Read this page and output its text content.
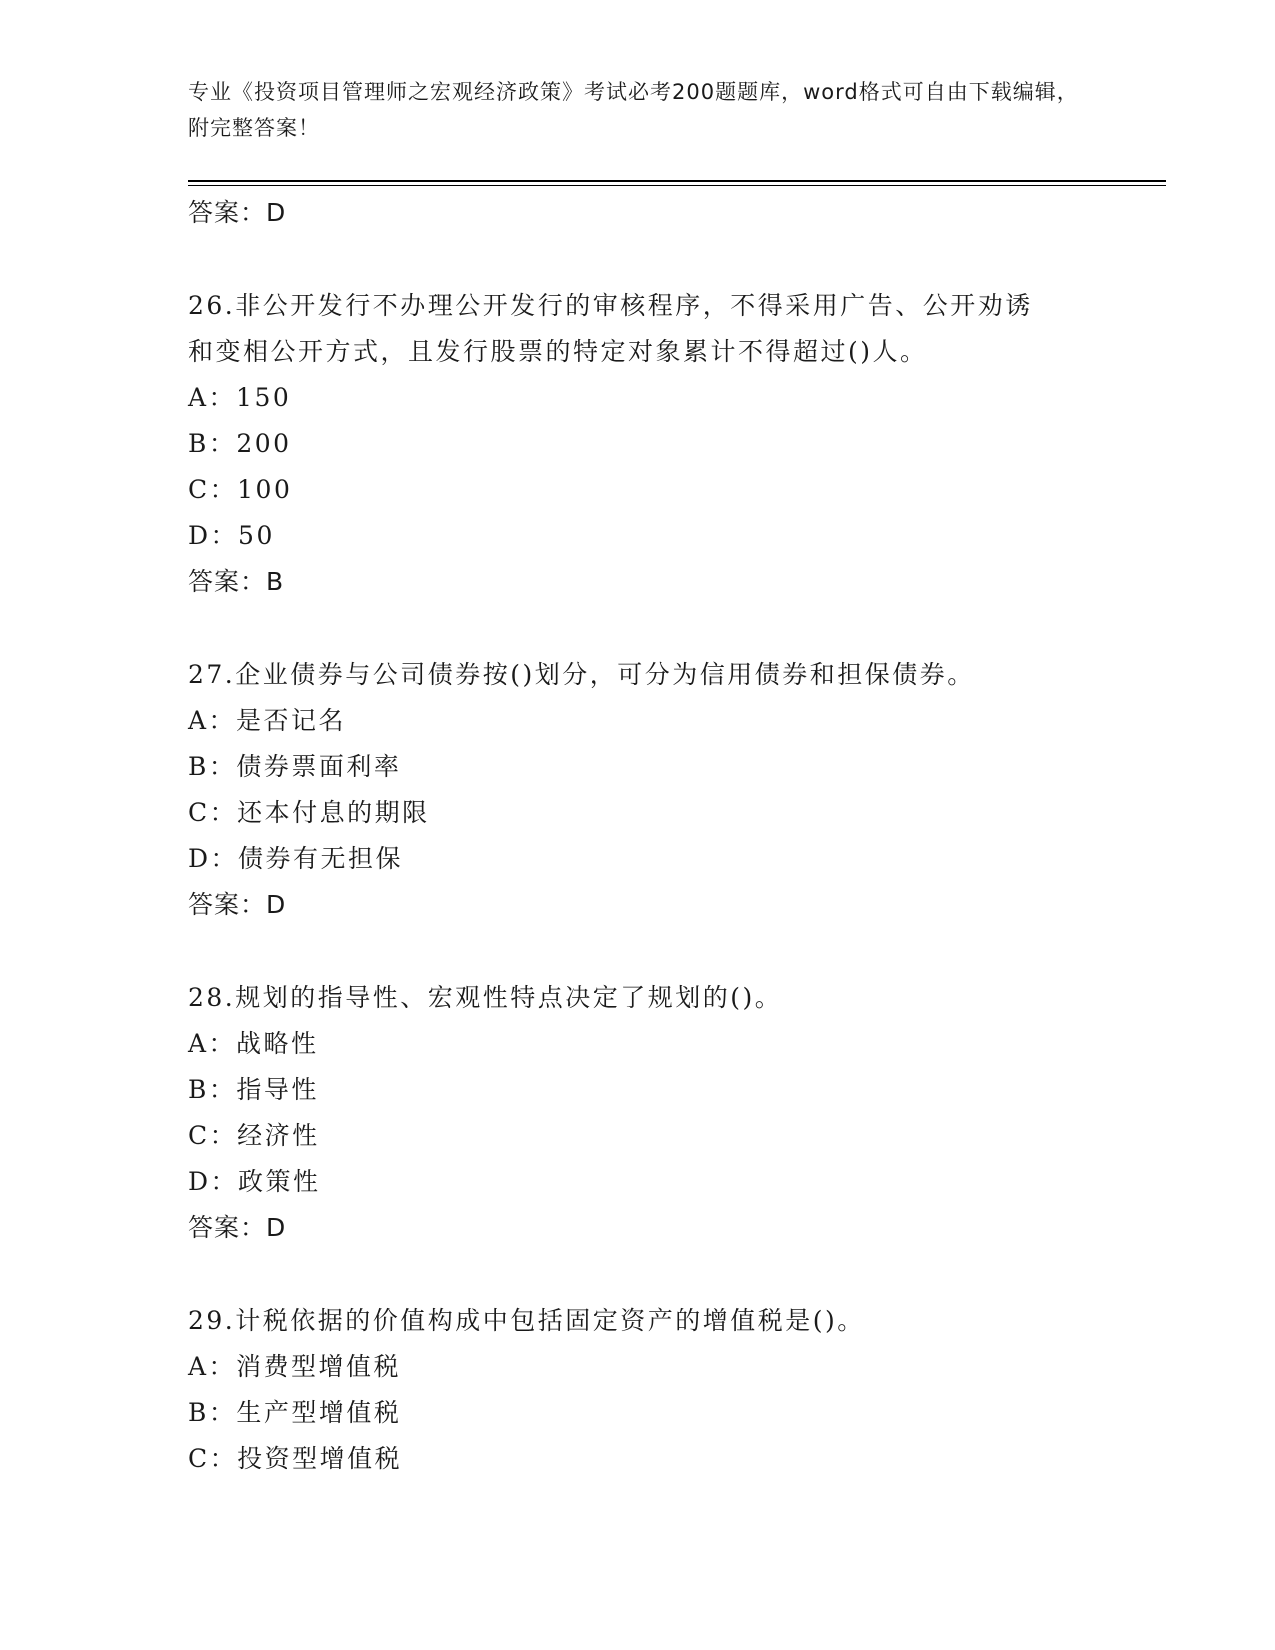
专业《投资项目管理师之宏观经济政策》考试必考200题题库，word格式可自由下载编辑，附完整答案！
答案：D
26.非公开发行不办理公开发行的审核程序，不得采用广告、公开劝诱
和变相公开方式，且发行股票的特定对象累计不得超过()人。
A：150
B：200
C：100
D：50
答案：B
27.企业债券与公司债券按()划分，可分为信用债券和担保债券。
A：是否记名
B：债券票面利率
C：还本付息的期限
D：债券有无担保
答案：D
28.规划的指导性、宏观性特点决定了规划的()。
A：战略性
B：指导性
C：经济性
D：政策性
答案：D
29.计税依据的价值构成中包括固定资产的增值税是()。
A：消费型增值税
B：生产型增值税
C：投资型增值税
